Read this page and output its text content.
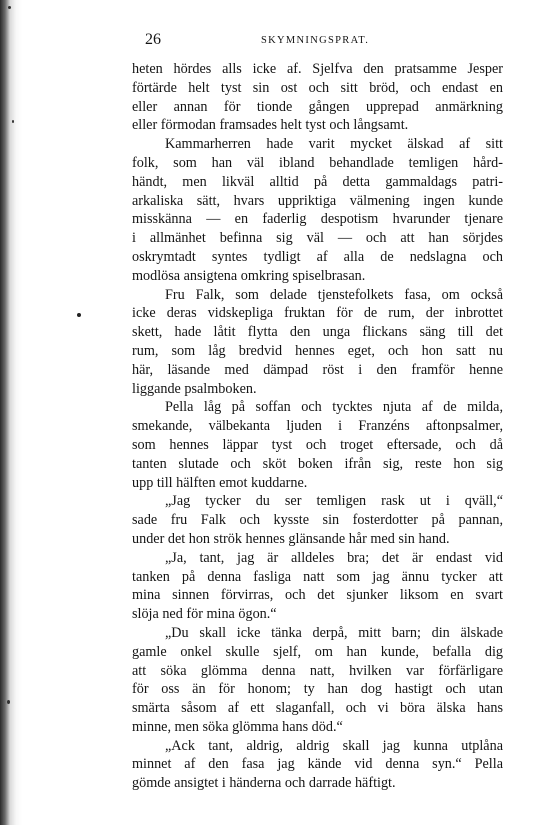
26	SKYMNINGSPRAT.
heten hördes alls icke af. Sjelfva den pratsamme Jesper
förtärde helt tyst sin ost och sitt bröd, och endast en
eller annan för tionde gången upprepad anmärkning
eller förmodan framsades helt tyst och långsamt.
Kammarherren hade varit mycket älskad af sitt
folk, som han väl ibland behandlade temligen hård-
händt, men likväl alltid på detta gammaldags patri-
arkaliska sätt, hvars uppriktiga välmening ingen kunde
misskänna — en faderlig despotism hvarunder tjenare
i allmänhet befinna sig väl — och att han sörjdes
oskrymtadt syntes tydligt af alla de nedslagna och
modlösa ansigtena omkring spiselbrasan.
Fru Falk, som delade tjenstefolkets fasa, om också
icke deras vidskepliga fruktan för de rum, der inbrottet
skett, hade låtit flytta den unga flickans säng till det
rum, som låg bredvid hennes eget, och hon satt nu
här, läsande med dämpad röst i den framför henne
liggande psalmboken.
Pella låg på soffan och tycktes njuta af de milda,
smekande, välbekanta ljuden i Franzéns aftonpsalmer,
som hennes läppar tyst och troget eftersade, och då
tanten slutade och sköt boken ifrån sig, reste hon sig
upp till hälften emot kuddarne.
„Jag tycker du ser temligen rask ut i qväll,“
sade fru Falk och kysste sin fosterdotter på pannan,
under det hon strök hennes glänsande hår med sin hand.
„Ja, tant, jag är alldeles bra; det är endast vid
tanken på denna fasliga natt som jag ännu tycker att
mina sinnen förvirras, och det sjunker liksom en svart
slöja ned för mina ögon.“
„Du skall icke tänka derpå, mitt barn; din älskade
gamle onkel skulle sjelf, om han kunde, befalla dig
att söka glömma denna natt, hvilken var förfärligare
för oss än för honom; ty han dog hastigt och utan
smärta såsom af ett slaganfall, och vi böra älska hans
minne, men söka glömma hans död.“
„Ack tant, aldrig, aldrig skall jag kunna utplåna
minnet af den fasa jag kände vid denna syn.“ Pella
gömde ansigtet i händerna och darrade häftigt.
